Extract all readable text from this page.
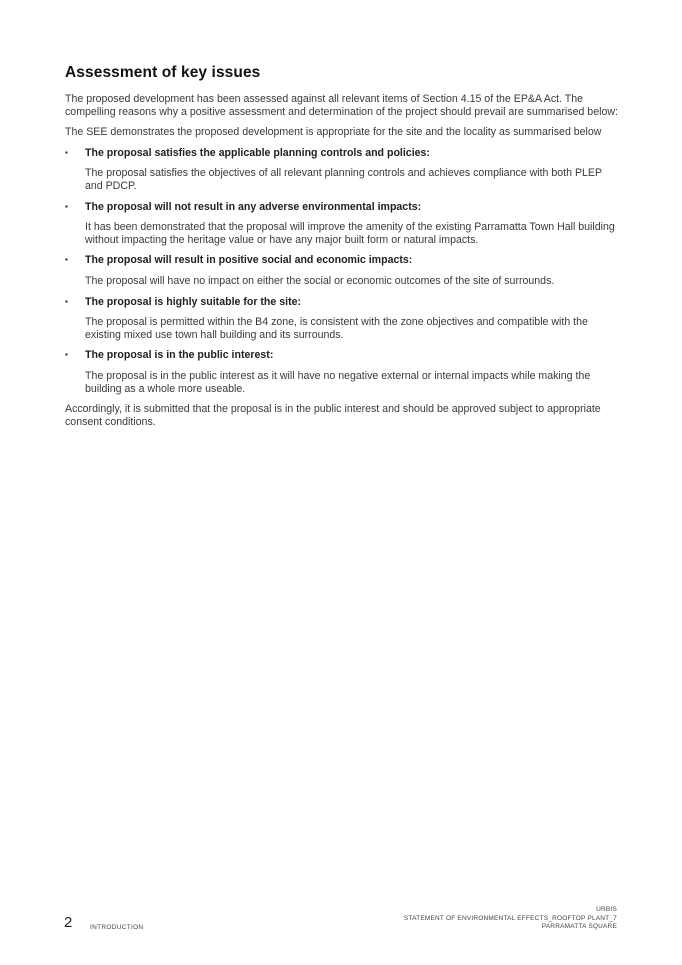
Assessment of key issues

The proposed development has been assessed against all relevant items of Section 4.15 of the EP&A Act. The compelling reasons why a positive assessment and determination of the project should prevail are summarised below:

The SEE demonstrates the proposed development is appropriate for the site and the locality as summarised below

▪ The proposal satisfies the applicable planning controls and policies:

The proposal satisfies the objectives of all relevant planning controls and achieves compliance with both PLEP and PDCP.

▪ The proposal will not result in any adverse environmental impacts:

It has been demonstrated that the proposal will improve the amenity of the existing Parramatta Town Hall building without impacting the heritage value or have any major built form or natural impacts.

▪ The proposal will result in positive social and economic impacts:

The proposal will have no impact on either the social or economic outcomes of the site of surrounds.

▪ The proposal is highly suitable for the site:

The proposal is permitted within the B4 zone, is consistent with the zone objectives and compatible with the existing mixed use town hall building and its surrounds.

▪ The proposal is in the public interest:

The proposal is in the public interest as it will have no negative external or internal impacts while making the building as a whole more useable.

Accordingly, it is submitted that the proposal is in the public interest and should be approved subject to appropriate consent conditions.

2	INTRODUCTION
URBIS
STATEMENT OF ENVIRONMENTAL EFFECTS_ROOFTOP PLANT_7
PARRAMATTA SQUARE
